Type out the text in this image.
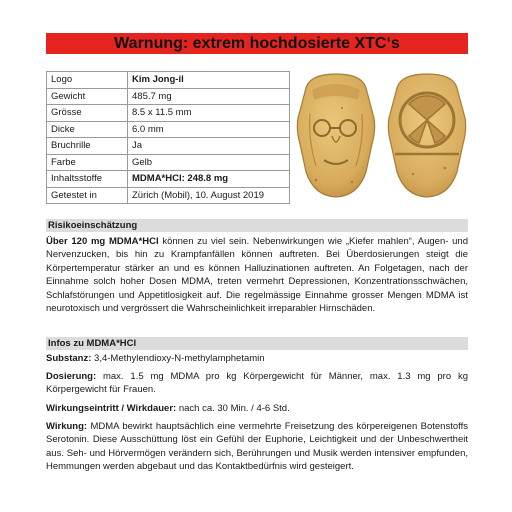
Warnung: extrem hochdosierte XTC‘s
Logo	Kim Jong-il
Gewicht	485.7 mg
Grösse	8.5 x 11.5 mm
Dicke	6.0 mm
Bruchrille	Ja
Farbe	Gelb
Inhaltsstoffe	MDMA*HCl: 248.8 mg
Getestet in	Zürich (Mobil), 10. August 2019
Risikoeinschätzung
Über 120 mg MDMA*HCl können zu viel sein. Nebenwirkungen wie „Kiefer mahlen“, Augen- und Nervenzucken, bis hin zu Krampfanfällen können auftreten. Bei Überdosierungen steigt die Körpertemperatur stärker an und es können Halluzinationen auftreten. An Folgetagen, nach der Einnahme solch hoher Dosen MDMA, treten vermehrt Depressionen, Konzentrationsschwächen, Schlafstörungen und Appetitlosigkeit auf. Die regelmässige Einnahme grosser Mengen MDMA ist neurotoxisch und vergrössert die Wahrscheinlichkeit irreparabler Hirnschäden.
Infos zu MDMA*HCl
Substanz: 3,4-Methylendioxy-N-methylamphetamin
Dosierung: max. 1.5 mg MDMA pro kg Körpergewicht für Männer, max. 1.3 mg pro kg Körpergewicht für Frauen.
Wirkungseintritt / Wirkdauer: nach ca. 30 Min. / 4-6 Std.
Wirkung: MDMA bewirkt hauptsächlich eine vermehrte Freisetzung des körpereigenen Botenstoffs Serotonin. Diese Ausschüttung löst ein Gefühl der Euphorie, Leichtigkeit und der Unbeschwertheit aus. Seh- und Hörvermögen verändern sich, Berührungen und Musik werden intensiver empfunden, Hemmungen werden abgebaut und das Kontaktbedürfnis wird gesteigert.
